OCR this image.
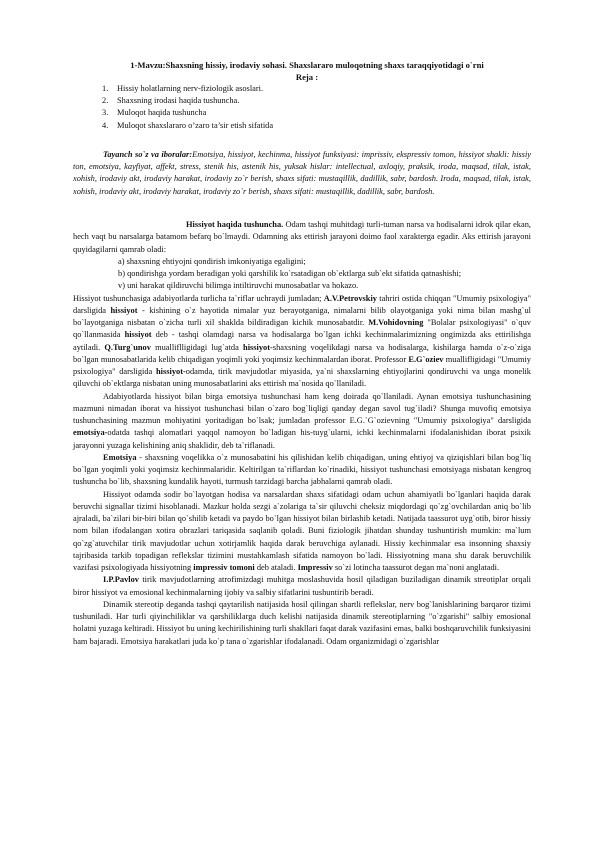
1-Mavzu:Shaxsning hissiy, irodaviy sohasi. Shaxslararo muloqotning shaxs taraqqiyotidagi o`rni
Reja :
1. Hissiy holatlarning nerv-fiziologik asoslari.
2. Shaxsning irodasi haqida tushuncha.
3. Muloqot haqida tushuncha
4. Muloqot shaxslararo o’zaro ta’sir etish sifatida
Tayanch so`z va iboralar:Emotsiya, hissiyot, kechinma, hissiyot funksiyasi: imprissiv, ekspressiv tomon, hissiyot shakli: hissiy ton, emotsiya, kayfiyat, affekt, stress, stenik his, astenik his, yuksak hislar: intellectual, axloqiy, praksik, iroda, maqsad, tilak, istak, xohish, irodaviy akt, irodaviy harakat, irodaviy zo`r berish, shaxs sifati: mustaqillik, dadillik, sabr, bardosh. Iroda, maqsad, tilak, istak, xohish, irodaviy akt, irodaviy harakat, irodaviy zo`r berish, shaxs sifati: mustaqillik, dadillik, sabr, bardosh.

Hissiyot haqida tushuncha. Odam tashqi muhitdagi turli-tuman narsa va hodisalarni idrok qilar ekan, hech vaqt bu narsalarga batamom befarq bo`lmaydi. Odamning aks ettirish jarayoni doimo faol xarakterga egadir. Aks ettirish jarayoni quyidagilarni qamrab oladi:

a) shaxsning ehtiyojni qondirish imkoniyatiga egaligini;

b) qondirishga yordam beradigan yoki qarshilik ko`rsatadigan ob`ektlarga sub`ekt sifatida qatnashishi;

v) uni harakat qildiruvchi bilimga intiltiruvchi munosabatlar va hokazo.

Hissiyot tushunchasiga adabiyotlarda turlicha ta`riflar uchraydi jumladan; A.V.Petrovskiy tahriri ostida chiqqan "Umumiy psixologiya" darsligida hissiyot - kishining o`z hayotida nimalar yuz berayotganiga, nimalarni bilib olayotganiga yoki nima bilan mashg`ul bo`layotganiga nisbatan o`zicha turli xil shaklda bildiradigan kichik munosabatdir. M.Vohidovning "Bolalar psixologiyasi" o`quv qo`llanmasida hissiyot deb - tashqi olamdagi narsa va hodisalarga bo`lgan ichki kechinmalarimizning ongimizda aks ettirilishga aytiladi. Q.Turg`unov mualliflligidagi lug`atda hissiyot-shaxsning voqelikdagi narsa va hodisalarga, kishilarga hamda o`z-o`ziga bo`lgan munosabatlarida kelib chiqadigan yoqimli yoki yoqimsiz kechinmalardan iborat. Professor E.G`oziev muallifligidagi "Umumiy psixologiya" darsligida hissiyot-odamda, tirik mavjudotlar miyasida, ya`ni shaxslarning ehtiyojlarini qondiruvchi va unga monelik qiluvchi ob`ektlarga nisbatan uning munosabatlarini aks ettirish ma`nosida qo`llaniladi.

Adabiyotlarda hissiyot bilan birga emotsiya tushunchasi ham keng doirada qo`llaniladi. Aynan emotsiya tushunchasining mazmuni nimadan iborat va hissiyot tushunchasi bilan o`zaro bog`liqligi qanday degan savol tug`iladi? Shunga muvofiq emotsiya tushunchasining mazmun mohiyatini yoritadigan bo`lsak; jumladan professor E.G.`G`ozievning "Umumiy psixologiya" darsligida emotsiya-odatda tashqi alomatlari yaqqol namoyon bo`ladigan his-tuyg`ularni, ichki kechinmalarni ifodalanishidan iborat psixik jarayonni yuzaga kelishining aniq shaklidir, deb ta`riflanadi.

Emotsiya - shaxsning voqelikka o`z munosabatini his qilishidan kelib chiqadigan, uning ehtiyoj va qiziqishlari bilan bog`liq bo`lgan yoqimli yoki yoqimsiz kechinmalaridir. Keltirilgan ta`riflardan ko`rinadiki, hissiyot tushunchasi emotsiyaga nisbatan kengroq tushuncha bo`lib, shaxsning kundalik hayoti, turmush tarzidagi barcha jabhalarni qamrab oladi.

Hissiyot odamda sodir bo`layotgan hodisa va narsalardan shaxs sifatidagi odam uchun ahamiyatli bo`lganlari haqida darak beruvchi signallar tizimi hisoblanadi. Mazkur holda sezgi a`zolariga ta`sir qiluvchi cheksiz miqdordagi qo`zg`ovchilardan aniq bo`lib ajraladi, ba`zilari bir-biri bilan qo`shilib ketadi va paydo bo`lgan hissiyot bilan birlashib ketadi. Natijada taassurot uyg`otib, biror hissiy nom bilan ifodalangan xotira obrazlari tariqasida saqlanib qoladi. Buni fiziologik jihatdan shunday tushuntirish mumkin: ma`lum qo`zg`atuvchilar tirik mavjudotlar uchun xotirjamlik haqida darak beruvchiga aylanadi. Hissiy kechinmalar esa insonning shaxsiy tajribasida tarkib topadigan reflekslar tizimini mustahkamlash sifatida namoyon bo`ladi. Hissiyotning mana shu darak beruvchilik vazifasi psixologiyada hissiyotning impressiv tomoni deb ataladi. Impressiv so`zi lotincha taassurot degan ma`noni anglatadi.

I.P.Pavlov tirik mavjudotlarning atrofimizdagi muhitga moslashuvida hosil qiladigan buziladigan dinamik streotiplar orqali biror hissiyot va emosional kechinmalarning ijobiy va salbiy sifatlarini tushuntirib beradi.

Dinamik stereotip deganda tashqi qaytarilish natijasida hosil qilingan shartli reflekslar, nerv bog`lanishlarining barqaror tizimi tushuniladi. Har turli qiyinchiliklar va qarshiliklarga duch kelishi natijasida dinamik stereotiplarning "o`zgarishi" salbiy emosional holatni yuzaga keltiradi. Hissiyot bu uning kechirilishining turli shakllari faqat darak vazifasini emas, balki boshqaruvchilik funksiyasini ham bajaradi. Emotsiya harakatlari juda ko`p tana o`zgarishlar ifodalanadi. Odam organizmidagi o`zgarishlar
